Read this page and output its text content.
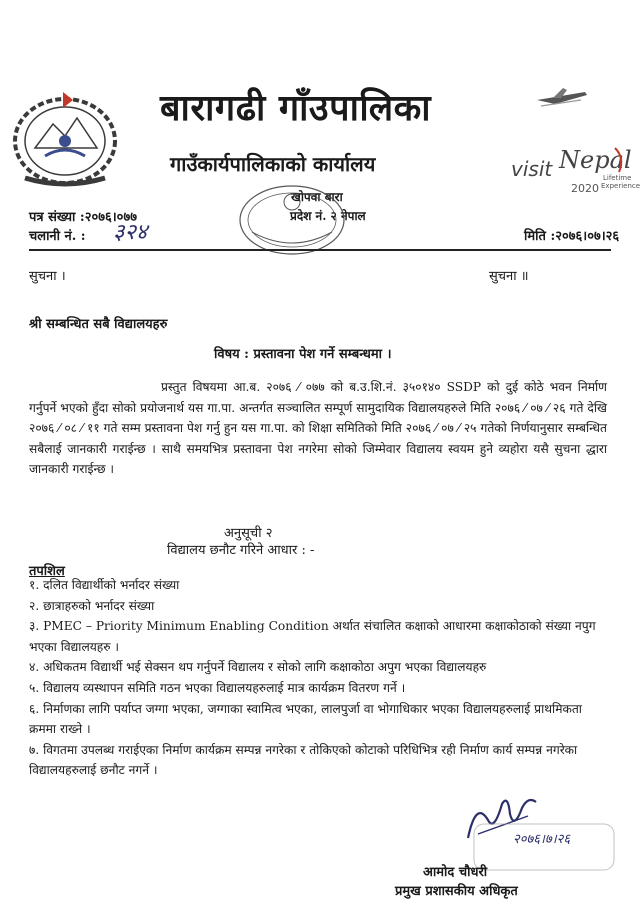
visit Nepal
2020
Lifetime
Experience
बारागढी गाँउपालिका
गाउँकार्यपालिकाको कार्यालय
खोपवा बारा
प्रदेश नं. २ नेपाल
पत्र संख्या :२०७६।०७७
चलानी नं. : ३२४	मिति :२०७६।०७।२६
सुचना ।	सुचना ॥
श्री सम्बन्धित सबै विद्यालयहरु
विषय : प्रस्तावना पेश गर्ने सम्बन्धमा ।
प्रस्तुत विषयमा आ.ब. २०७६ ⁄ ०७७ को ब.उ.शि.नं. ३५०१४० SSDP को दुई कोठे भवन निर्माण गर्नुपर्ने भएको हुँदा सोको प्रयोजनार्थ यस गा.पा. अन्तर्गत सञ्चालित सम्पूर्ण सामुदायिक विद्यालयहरुले मिति २०७६ ⁄ ०७ ⁄ २६ गते देखि २०७६ ⁄ ०८ ⁄ ११ गते सम्म प्रस्तावना पेश गर्नु हुन यस गा.पा. को शिक्षा समितिको मिति २०७६ ⁄ ०७ ⁄ २५ गतेको निर्णयानुसार सम्बन्धित सबैलाई जानकारी गराईन्छ । साथै समयभित्र प्रस्तावना पेश नगरेमा सोको जिम्मेवार विद्यालय स्वयम हुने व्यहोरा यसै सुचना द्धारा जानकारी गराईन्छ ।
अनुसूची २
विद्यालय छनौट गरिने आधार : -
तपशिल
१. दलित विद्यार्थीको भर्नादर संख्या
२. छात्राहरुको भर्नादर संख्या
३. PMEC – Priority Minimum Enabling Condition अर्थात संचालित कक्षाको आधारमा कक्षाकोठाको संख्या नपुग भएका विद्यालयहरु ।
४. अधिकतम विद्यार्थी भई सेक्सन थप गर्नुपर्ने विद्यालय र सोको लागि कक्षाकोठा अपुग भएका विद्यालयहरु
५. विद्यालय व्यस्थापन समिति गठन भएका विद्यालयहरुलाई मात्र कार्यक्रम वितरण गर्ने ।
६. निर्माणका लागि पर्याप्त जग्गा भएका, जग्गाका स्वामित्व भएका, लालपुर्जा वा भोगाधिकार भएका विद्यालयहरुलाई प्राथमिकता क्रममा राख्ने ।
७. विगतमा उपलब्ध गराईएका निर्माण कार्यक्रम सम्पन्न नगरेका र तोकिएको कोटाको परिधिभित्र रही निर्माण कार्य सम्पन्न नगरेका विद्यालयहरुलाई छनौट नगर्ने ।
२०७६।७।२६
आमोद चौधरी
प्रमुख प्रशासकीय अधिकृत
